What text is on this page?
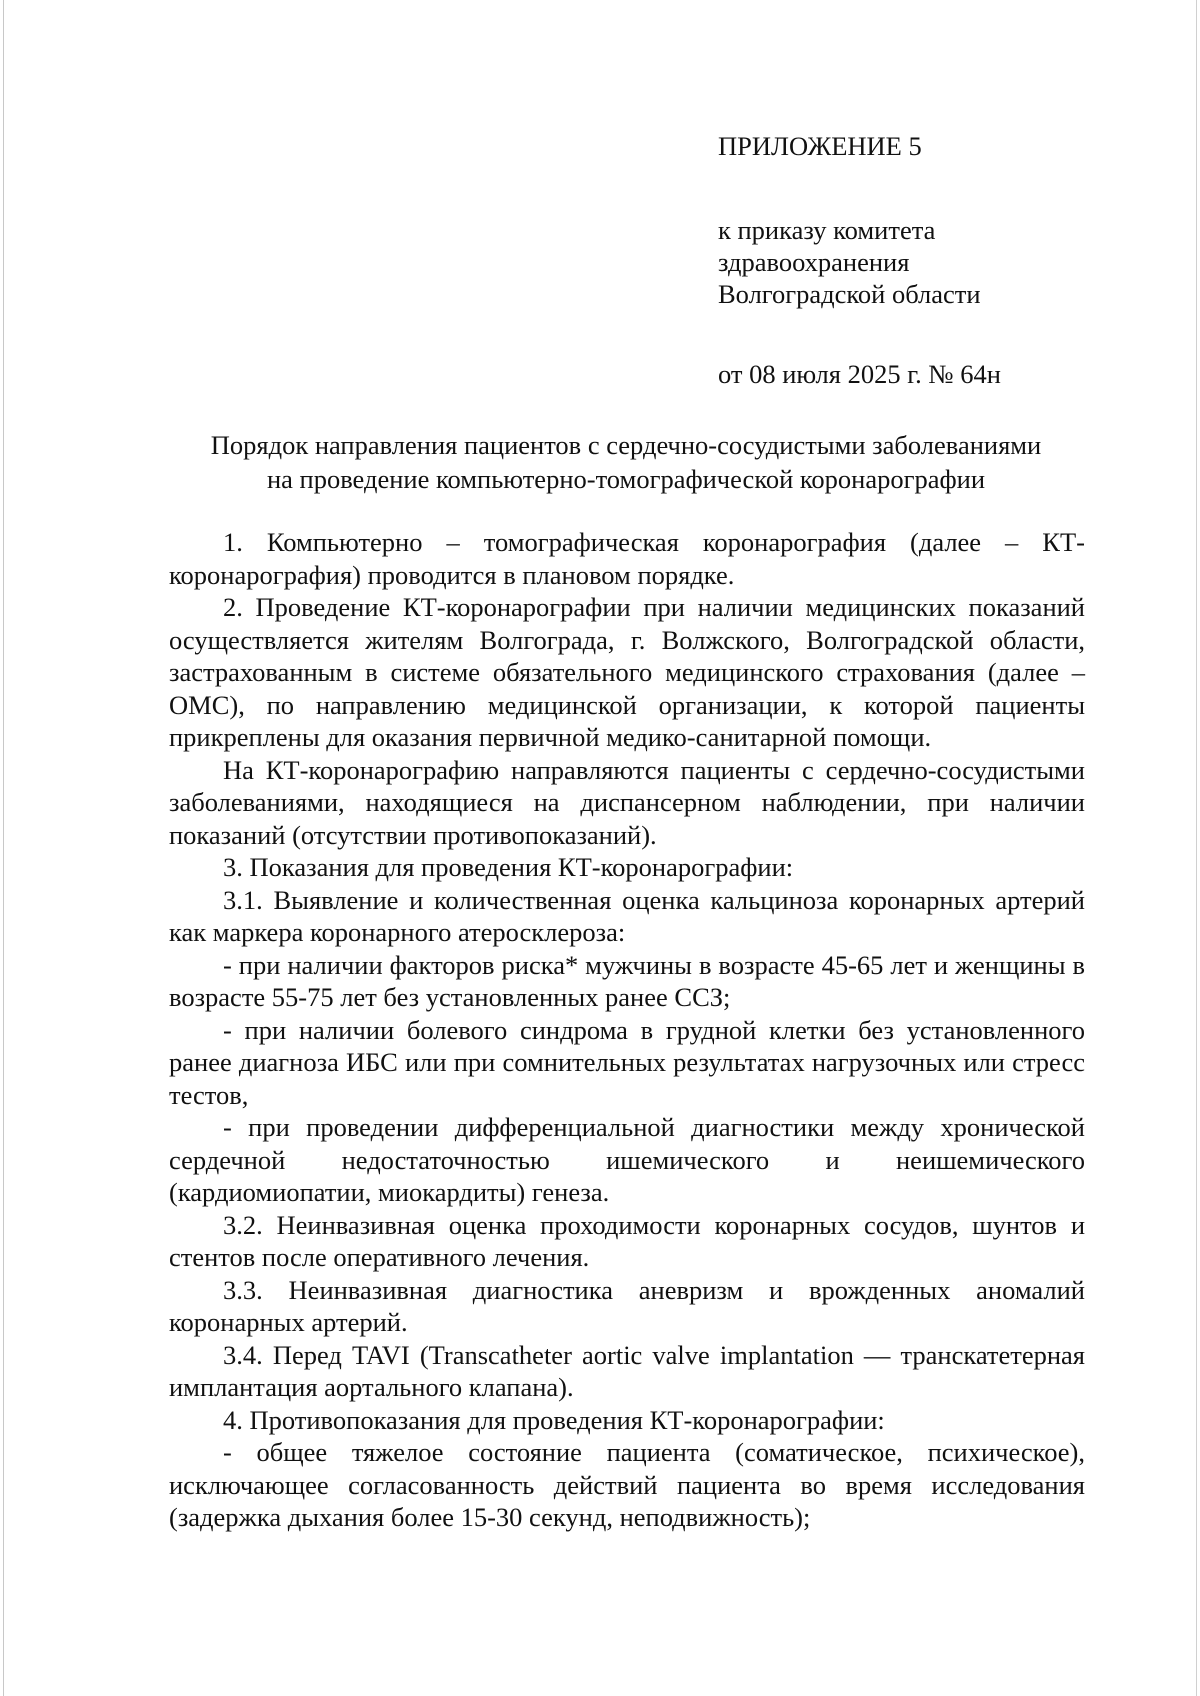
ПРИЛОЖЕНИЕ 5
к приказу комитета
здравоохранения
Волгоградской области
от 08 июля 2025 г. № 64н
Порядок направления пациентов с сердечно-сосудистыми заболеваниями
на проведение компьютерно-томографической коронарографии

1. Компьютерно – томографическая коронарография (далее – КТ-коронарография) проводится в плановом порядке.

2. Проведение КТ-коронарографии при наличии медицинских показаний осуществляется жителям Волгограда, г. Волжского, Волгоградской области, застрахованным в системе обязательного медицинского страхования (далее – ОМС), по направлению медицинской организации, к которой пациенты прикреплены для оказания первичной медико-санитарной помощи.

На КТ-коронарографию направляются пациенты с сердечно-сосудистыми заболеваниями, находящиеся на диспансерном наблюдении, при наличии показаний (отсутствии противопоказаний).

3. Показания для проведения КТ-коронарографии:

3.1. Выявление и количественная оценка кальциноза коронарных артерий как маркера коронарного атеросклероза:

- при наличии факторов риска* мужчины в возрасте 45-65 лет и женщины в возрасте 55-75 лет без установленных ранее ССЗ;

- при наличии болевого синдрома в грудной клетки без установленного ранее диагноза ИБС или при сомнительных результатах нагрузочных или стресс тестов,

- при проведении дифференциальной диагностики между хронической сердечной недостаточностью ишемического и неишемического (кардиомиопатии, миокардиты) генеза.

3.2. Неинвазивная оценка проходимости коронарных сосудов, шунтов и стентов после оперативного лечения.

3.3. Неинвазивная диагностика аневризм и врожденных аномалий коронарных артерий.

3.4. Перед TAVI (Transcatheter aortic valve implantation — транскатетерная имплантация аортального клапана).

4. Противопоказания для проведения КТ-коронарографии:

- общее тяжелое состояние пациента (соматическое, психическое), исключающее согласованность действий пациента во время исследования (задержка дыхания более 15-30 секунд, неподвижность);
